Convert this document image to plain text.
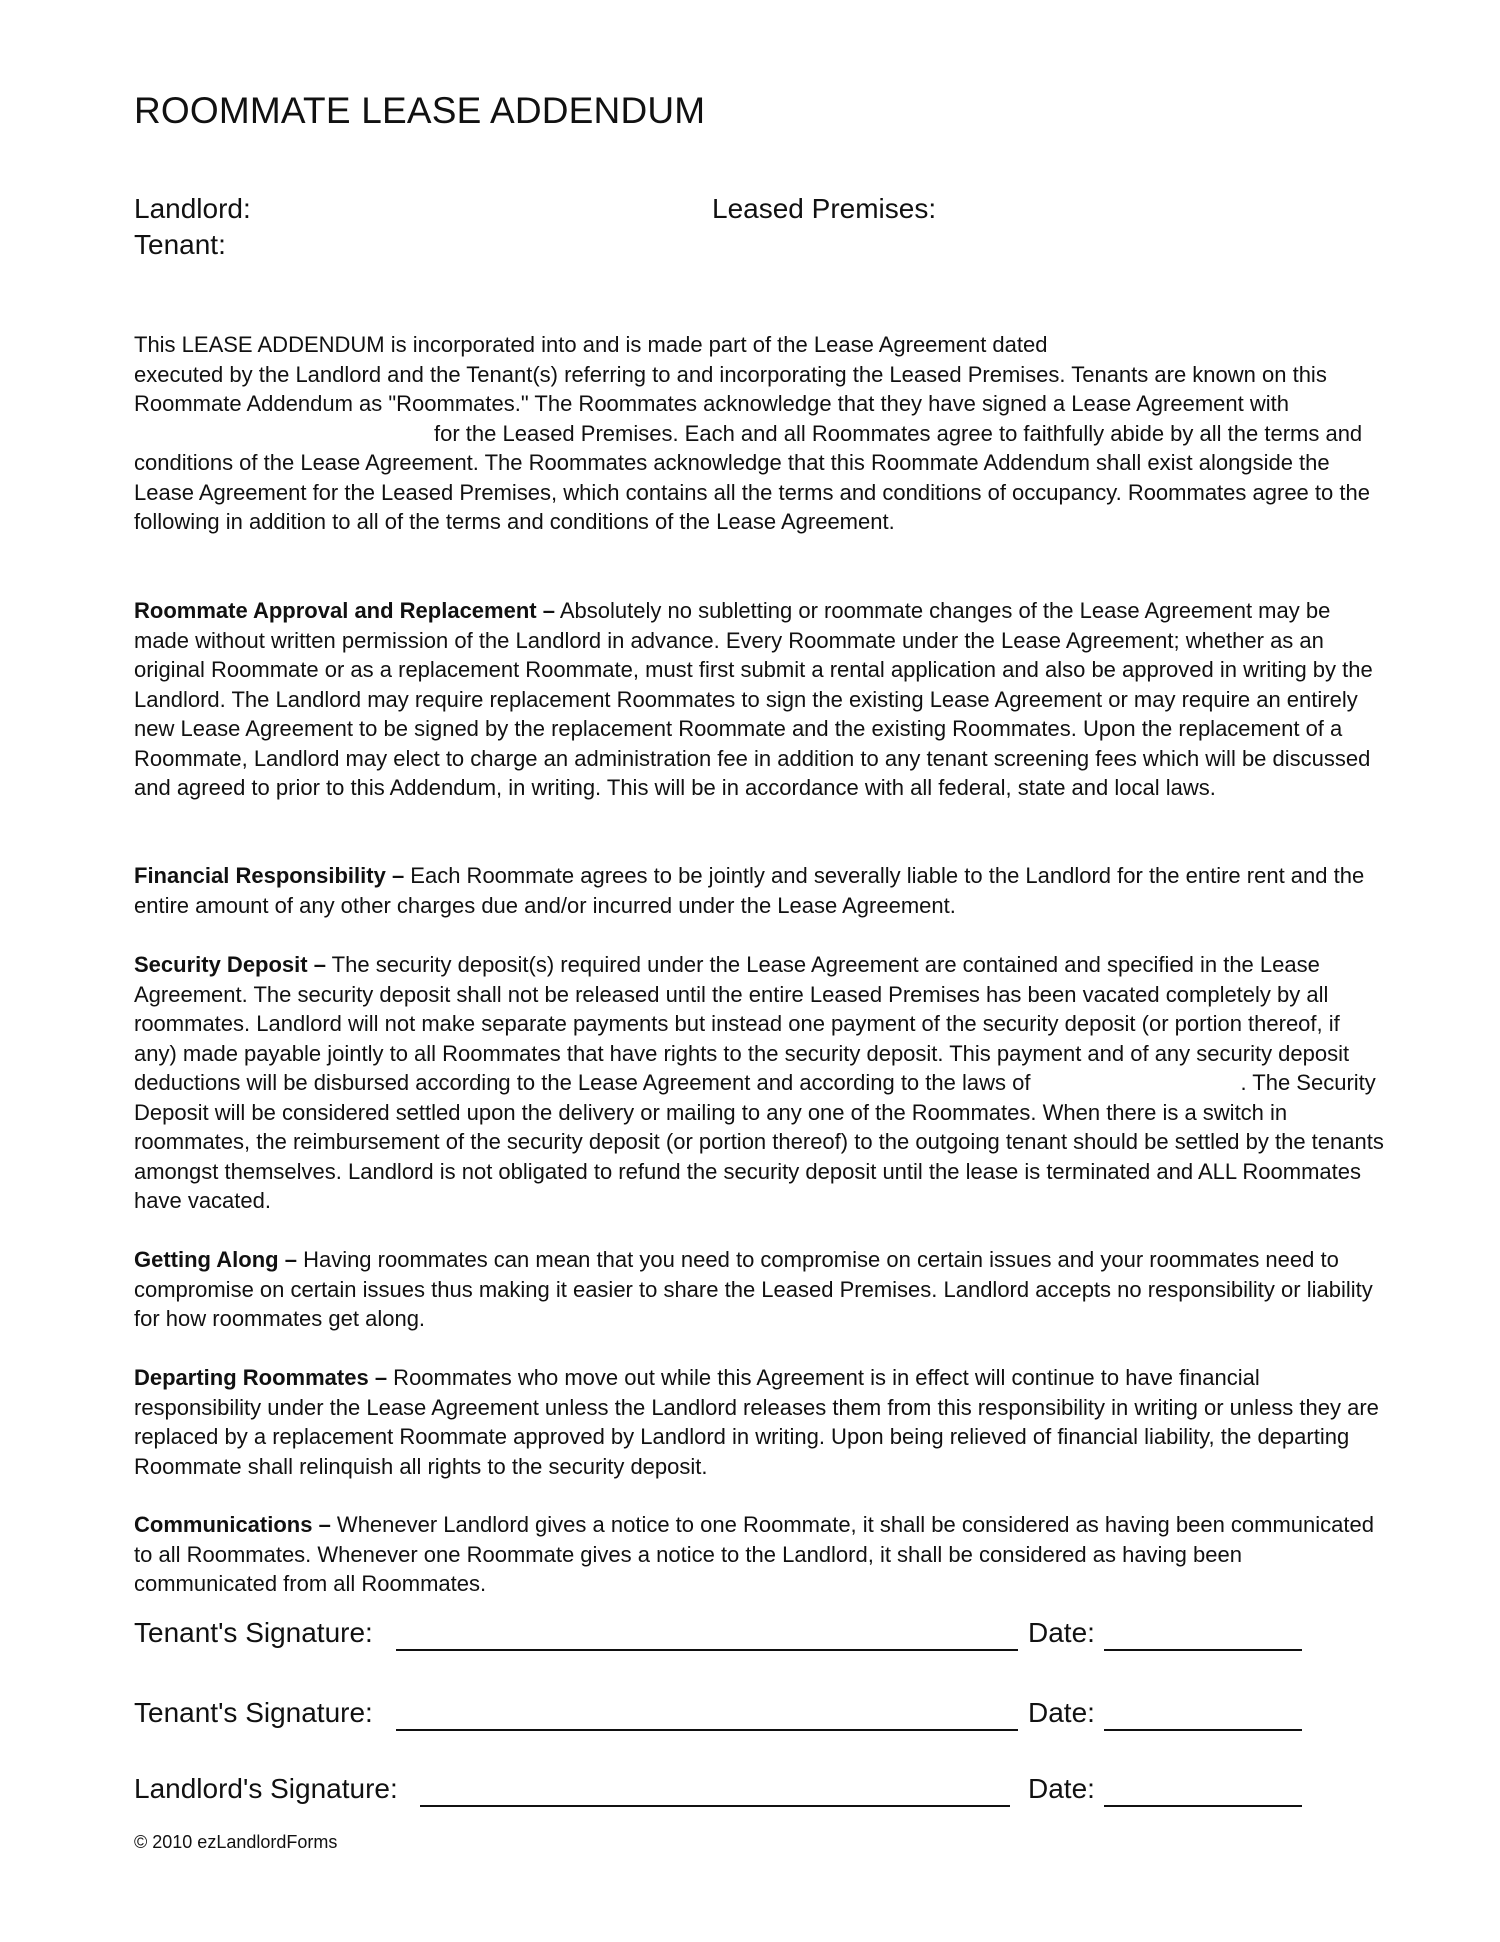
ROOMMATE LEASE ADDENDUM

Landlord:

Tenant:

Leased Premises:

This LEASE ADDENDUM is incorporated into and is made part of the Lease Agreement dated
executed by the Landlord and the Tenant(s) referring to and incorporating the Leased Premises. Tenants are known on this Roommate Addendum as "Roommates." The Roommates acknowledge that they have signed a Lease Agreement withfor the Leased Premises. Each and all Roommates agree to faithfully abide by all the terms and conditions of the Lease Agreement. The Roommates acknowledge that this Roommate Addendum shall exist alongside the Lease Agreement for the Leased Premises, which contains all the terms and conditions of occupancy. Roommates agree to the following in addition to all of the terms and conditions of the Lease Agreement.

Roommate Approval and Replacement – Absolutely no subletting or roommate changes of the Lease Agreement may be made without written permission of the Landlord in advance. Every Roommate under the Lease Agreement; whether as an original Roommate or as a replacement Roommate, must first submit a rental application and also be approved in writing by the Landlord. The Landlord may require replacement Roommates to sign the existing Lease Agreement or may require an entirely new Lease Agreement to be signed by the replacement Roommate and the existing Roommates. Upon the replacement of a Roommate, Landlord may elect to charge an administration fee in addition to any tenant screening fees which will be discussed and agreed to prior to this Addendum, in writing. This will be in accordance with all federal, state and local laws.

Financial Responsibility – Each Roommate agrees to be jointly and severally liable to the Landlord for the entire rent and the entire amount of any other charges due and/or incurred under the Lease Agreement.

Security Deposit – The security deposit(s) required under the Lease Agreement are contained and specified in the Lease Agreement. The security deposit shall not be released until the entire Leased Premises has been vacated completely by all roommates. Landlord will not make separate payments but instead one payment of the security deposit (or portion thereof, if any) made payable jointly to all Roommates that have rights to the security deposit. This payment and of any security deposit deductions will be disbursed according to the Lease Agreement and according to the laws of	. The Security Deposit will be considered settled upon the delivery or mailing to any one of the Roommates. When there is a switch in roommates, the reimbursement of the security deposit (or portion thereof) to the outgoing tenant should be settled by the tenants amongst themselves. Landlord is not obligated to refund the security deposit until the lease is terminated and ALL Roommates have vacated.

Getting Along – Having roommates can mean that you need to compromise on certain issues and your roommates need to compromise on certain issues thus making it easier to share the Leased Premises. Landlord accepts no responsibility or liability for how roommates get along.

Departing Roommates – Roommates who move out while this Agreement is in effect will continue to have financial responsibility under the Lease Agreement unless the Landlord releases them from this responsibility in writing or unless they are replaced by a replacement Roommate approved by Landlord in writing. Upon being relieved of financial liability, the departing Roommate shall relinquish all rights to the security deposit.

Communications – Whenever Landlord gives a notice to one Roommate, it shall be considered as having been communicated to all Roommates. Whenever one Roommate gives a notice to the Landlord, it shall be considered as having been communicated from all Roommates.

Tenant's Signature:	Date:
Tenant's Signature:	Date:
Landlord's Signature:	Date:

© 2010 ezLandlordForms
